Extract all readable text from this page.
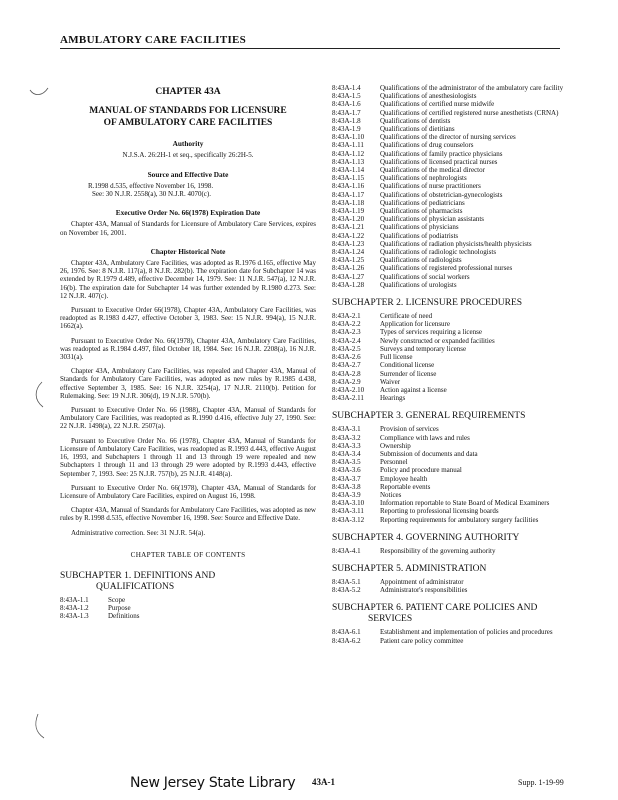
AMBULATORY CARE FACILITIES
CHAPTER 43A
MANUAL OF STANDARDS FOR LICENSURE
OF AMBULATORY CARE FACILITIES
Authority
N.J.S.A. 26:2H-1 et seq., specifically 26:2H-5.
Source and Effective Date
R.1998 d.535, effective November 16, 1998.
See: 30 N.J.R. 2558(a), 30 N.J.R. 4070(c).
Executive Order No. 66(1978) Expiration Date

Chapter 43A, Manual of Standards for Licensure of Ambulatory Care Services, expires on November 16, 2001.

Chapter Historical Note

Chapter 43A, Ambulatory Care Facilities, was adopted as R.1976 d.165, effective May 26, 1976. See: 8 N.J.R. 117(a), 8 N.J.R. 282(b). The expiration date for Subchapter 14 was extended by R.1979 d.489, effective December 14, 1979. See: 11 N.J.R. 547(a), 12 N.J.R. 16(b). The expiration date for Subchapter 14 was further extended by R.1980 d.273. See: 12 N.J.R. 407(c).

Pursuant to Executive Order 66(1978), Chapter 43A, Ambulatory Care Facilities, was readopted as R.1983 d.427, effective October 3, 1983. See: 15 N.J.R. 994(a), 15 N.J.R. 1662(a).

Pursuant to Executive Order No. 66(1978), Chapter 43A, Ambulatory Care Facilities, was readopted as R.1984 d.497, filed October 18, 1984. See: 16 N.J.R. 2208(a), 16 N.J.R. 3031(a).

Chapter 43A, Ambulatory Care Facilities, was repealed and Chapter 43A, Manual of Standards for Ambulatory Care Facilities, was adopted as new rules by R.1985 d.438, effective September 3, 1985. See: 16 N.J.R. 3254(a), 17 N.J.R. 2110(b). Petition for Rulemaking. See: 19 N.J.R. 306(d), 19 N.J.R. 570(b).

Pursuant to Executive Order No. 66 (1988), Chapter 43A, Manual of Standards for Ambulatory Care Facilities, was readopted as R.1990 d.416, effective July 27, 1990. See: 22 N.J.R. 1498(a), 22 N.J.R. 2507(a).

Pursuant to Executive Order No. 66 (1978), Chapter 43A, Manual of Standards for Licensure of Ambulatory Care Facilities, was readopted as R.1993 d.443, effective August 16, 1993, and Subchapters 1 through 11 and 13 through 19 were repealed and new Subchapters 1 through 11 and 13 through 29 were adopted by R.1993 d.443, effective September 7, 1993. See: 25 N.J.R. 757(b), 25 N.J.R. 4148(a).

Pursuant to Executive Order No. 66(1978), Chapter 43A, Manual of Standards for Licensure of Ambulatory Care Facilities, expired on August 16, 1998.

Chapter 43A, Manual of Standards for Ambulatory Care Facilities, was adopted as new rules by R.1998 d.535, effective November 16, 1998. See: Source and Effective Date.

Administrative correction. See: 31 N.J.R. 54(a).

CHAPTER TABLE OF CONTENTS
SUBCHAPTER 1. DEFINITIONS AND
QUALIFICATIONS
8:43A-1.1	Scope
8:43A-1.2	Purpose
8:43A-1.3	Definitions
8:43A-1.4	Qualifications of the administrator of the ambulatory care facility
8:43A-1.5	Qualifications of anesthesiologists
8:43A-1.6	Qualifications of certified nurse midwife
8:43A-1.7	Qualifications of certified registered nurse anesthetists (CRNA)
8:43A-1.8	Qualifications of dentists
8:43A-1.9	Qualifications of dietitians
8:43A-1.10	Qualifications of the director of nursing services
8:43A-1.11	Qualifications of drug counselors
8:43A-1.12	Qualifications of family practice physicians
8:43A-1.13	Qualifications of licensed practical nurses
8:43A-1.14	Qualifications of the medical director
8:43A-1.15	Qualifications of nephrologists
8:43A-1.16	Qualifications of nurse practitioners
8:43A-1.17	Qualifications of obstetrician-gynecologists
8:43A-1.18	Qualifications of pediatricians
8:43A-1.19	Qualifications of pharmacists
8:43A-1.20	Qualifications of physician assistants
8:43A-1.21	Qualifications of physicians
8:43A-1.22	Qualifications of podiatrists
8:43A-1.23	Qualifications of radiation physicists/health physicists
8:43A-1.24	Qualifications of radiologic technologists
8:43A-1.25	Qualifications of radiologists
8:43A-1.26	Qualifications of registered professional nurses
8:43A-1.27	Qualifications of social workers
8:43A-1.28	Qualifications of urologists
SUBCHAPTER 2. LICENSURE PROCEDURES
8:43A-2.1	Certificate of need
8:43A-2.2	Application for licensure
8:43A-2.3	Types of services requiring a license
8:43A-2.4	Newly constructed or expanded facilities
8:43A-2.5	Surveys and temporary license
8:43A-2.6	Full license
8:43A-2.7	Conditional license
8:43A-2.8	Surrender of license
8:43A-2.9	Waiver
8:43A-2.10	Action against a license
8:43A-2.11	Hearings
SUBCHAPTER 3. GENERAL REQUIREMENTS
8:43A-3.1	Provision of services
8:43A-3.2	Compliance with laws and rules
8:43A-3.3	Ownership
8:43A-3.4	Submission of documents and data
8:43A-3.5	Personnel
8:43A-3.6	Policy and procedure manual
8:43A-3.7	Employee health
8:43A-3.8	Reportable events
8:43A-3.9	Notices
8:43A-3.10	Information reportable to State Board of Medical Examiners
8:43A-3.11	Reporting to professional licensing boards
8:43A-3.12	Reporting requirements for ambulatory surgery facilities
SUBCHAPTER 4. GOVERNING AUTHORITY
8:43A-4.1	Responsibility of the governing authority
SUBCHAPTER 5. ADMINISTRATION
8:43A-5.1	Appointment of administrator
8:43A-5.2	Administrator's responsibilities
SUBCHAPTER 6. PATIENT CARE POLICIES AND
SERVICES
8:43A-6.1	Establishment and implementation of policies and procedures
8:43A-6.2	Patient care policy committee
New Jersey State Library 43A-1	Supp. 1-19-99
